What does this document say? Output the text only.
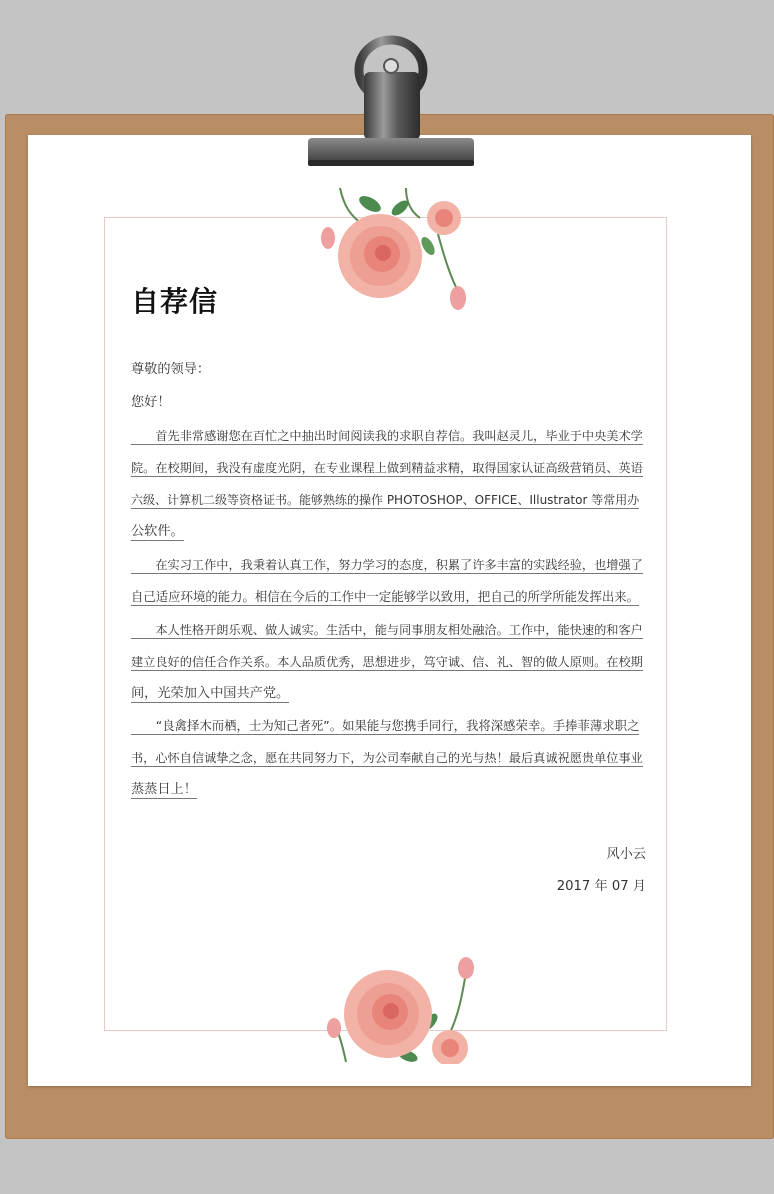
自荐信
尊敬的领导：
您好！
　　首先非常感谢您在百忙之中抽出时间阅读我的求职自荐信。我叫赵灵儿，毕业于中央美术学
院。在校期间，我没有虚度光阴，在专业课程上做到精益求精，取得国家认证高级营销员、英语
六级、计算机二级等资格证书。能够熟练的操作 PHOTOSHOP、OFFICE、Illustrator 等常用办
公软件。
　　在实习工作中，我秉着认真工作，努力学习的态度，积累了许多丰富的实践经验，也增强了
自己适应环境的能力。相信在今后的工作中一定能够学以致用，把自己的所学所能发挥出来。
　　本人性格开朗乐观、做人诚实。生活中，能与同事朋友相处融洽。工作中，能快速的和客户
建立良好的信任合作关系。本人品质优秀，思想进步，笃守诚、信、礼、智的做人原则。在校期
间，光荣加入中国共产党。
　　“良禽择木而栖，士为知己者死”。如果能与您携手同行，我将深感荣幸。手捧菲薄求职之
书，心怀自信诚挚之念，愿在共同努力下，为公司奉献自己的光与热！最后真诚祝愿贵单位事业
蒸蒸日上！
风小云
2017 年 07 月
